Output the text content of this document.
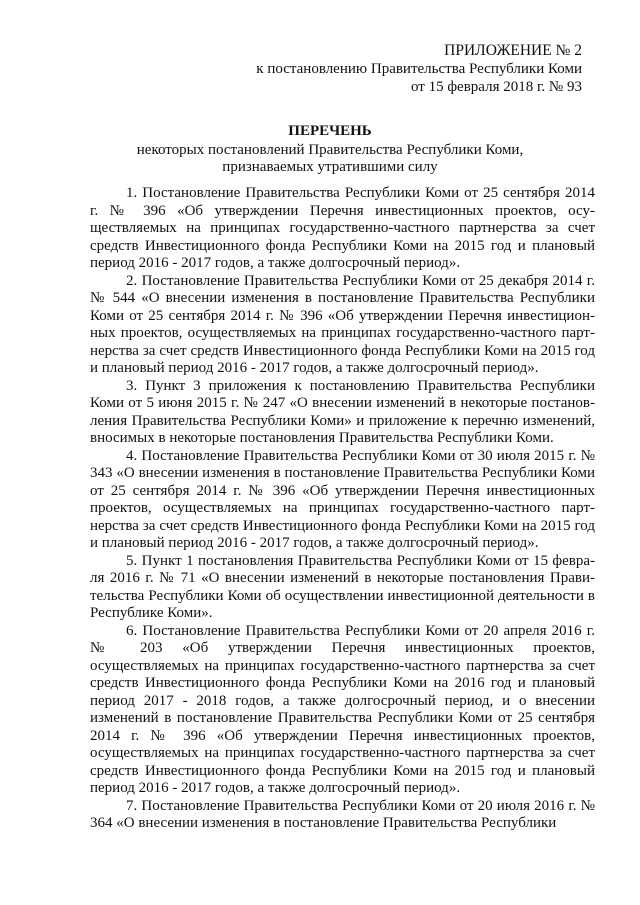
ПРИЛОЖЕНИЕ № 2
к постановлению Правительства Республики Коми
от 15 февраля 2018 г. № 93
ПЕРЕЧЕНЬ
некоторых постановлений Правительства Республики Коми,
признаваемых утратившими силу

1. Постановление Правительства Республики Коми от 25 сентября 2014 г. № 396 «Об утверждении Перечня инвестиционных проектов, осуществляемых на принципах государственно-частного партнерства за счет средств Инвестиционного фонда Республики Коми на 2015 год и плановый период 2016 - 2017 годов, а также долгосрочный период».

2. Постановление Правительства Республики Коми от 25 декабря 2014 г. № 544 «О внесении изменения в постановление Правительства Республики Коми от 25 сентября 2014 г. № 396 «Об утверждении Перечня инвестиционных проектов, осуществляемых на принципах государственно-частного партнерства за счет средств Инвестиционного фонда Республики Коми на 2015 год и плановый период 2016 - 2017 годов, а также долгосрочный период».

3. Пункт 3 приложения к постановлению Правительства Республики Коми от 5 июня 2015 г. № 247 «О внесении изменений в некоторые постановления Правительства Республики Коми» и приложение к перечню изменений, вносимых в некоторые постановления Правительства Республики Коми.

4. Постановление Правительства Республики Коми от 30 июля 2015 г. № 343 «О внесении изменения в постановление Правительства Республики Коми от 25 сентября 2014 г. № 396 «Об утверждении Перечня инвестиционных проектов, осуществляемых на принципах государственно-частного партнерства за счет средств Инвестиционного фонда Республики Коми на 2015 год и плановый период 2016 - 2017 годов, а также долгосрочный период».

5. Пункт 1 постановления Правительства Республики Коми от 15 февраля 2016 г. № 71 «О внесении изменений в некоторые постановления Правительства Республики Коми об осуществлении инвестиционной деятельности в Республике Коми».

6. Постановление Правительства Республики Коми от 20 апреля 2016 г. № 203 «Об утверждении Перечня инвестиционных проектов, осуществляемых на принципах государственно-частного партнерства за счет средств Инвестиционного фонда Республики Коми на 2016 год и плановый период 2017 - 2018 годов, а также долгосрочный период, и о внесении изменений в постановление Правительства Республики Коми от 25 сентября 2014 г. № 396 «Об утверждении Перечня инвестиционных проектов, осуществляемых на принципах государственно-частного партнерства за счет средств Инвестиционного фонда Республики Коми на 2015 год и плановый период 2016 - 2017 годов, а также долгосрочный период».

7. Постановление Правительства Республики Коми от 20 июля 2016 г. № 364 «О внесении изменения в постановление Правительства Республики
